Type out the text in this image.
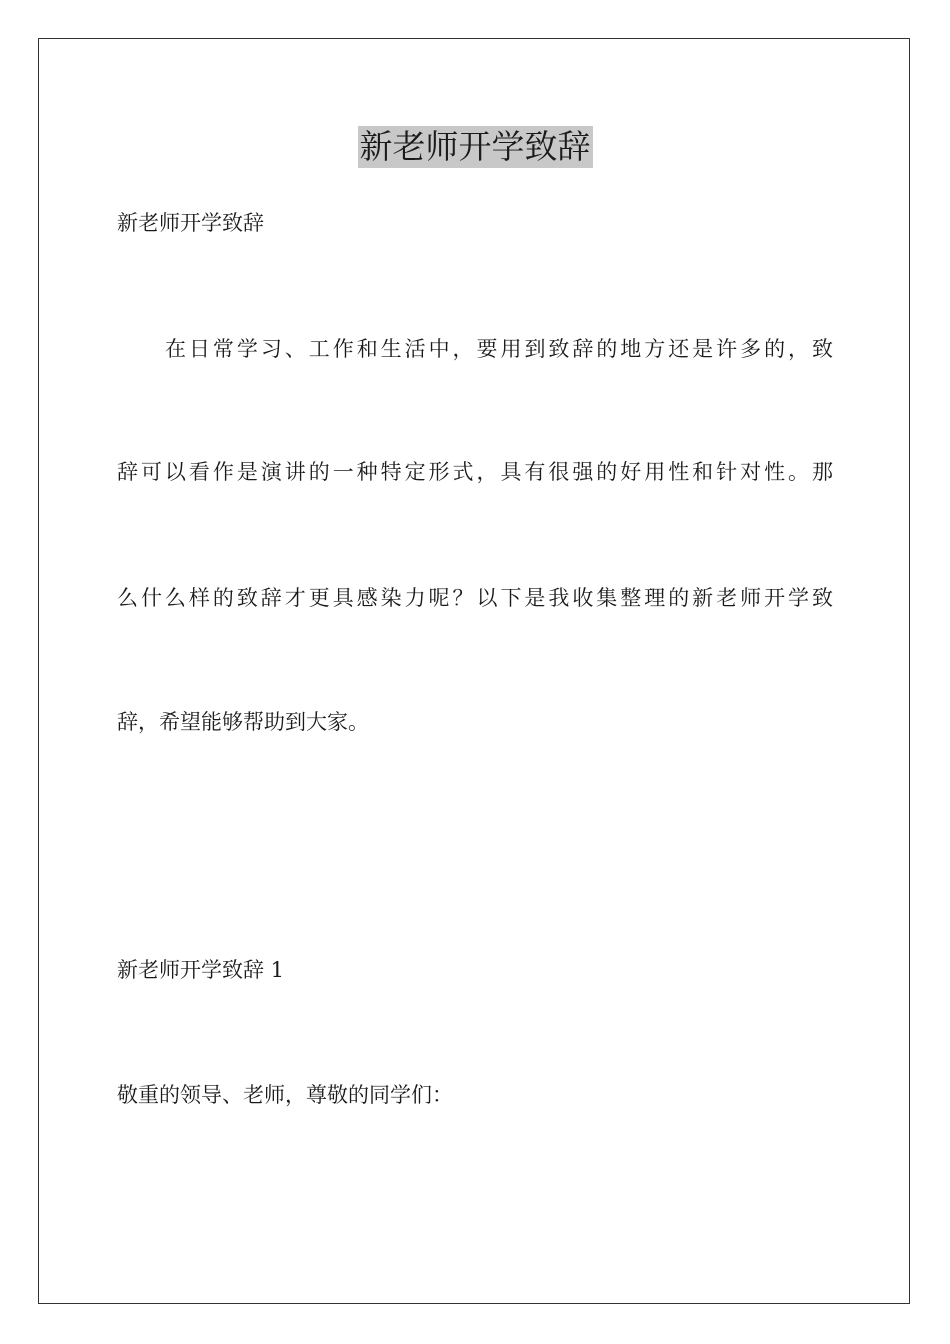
新老师开学致辞

新老师开学致辞

在日常学习、工作和生活中，要用到致辞的地方还是许多的，致

辞可以看作是演讲的一种特定形式，具有很强的好用性和针对性。那

么什么样的致辞才更具感染力呢？以下是我收集整理的新老师开学致

辞，希望能够帮助到大家。

新老师开学致辞 1

敬重的领导、老师，尊敬的同学们：
